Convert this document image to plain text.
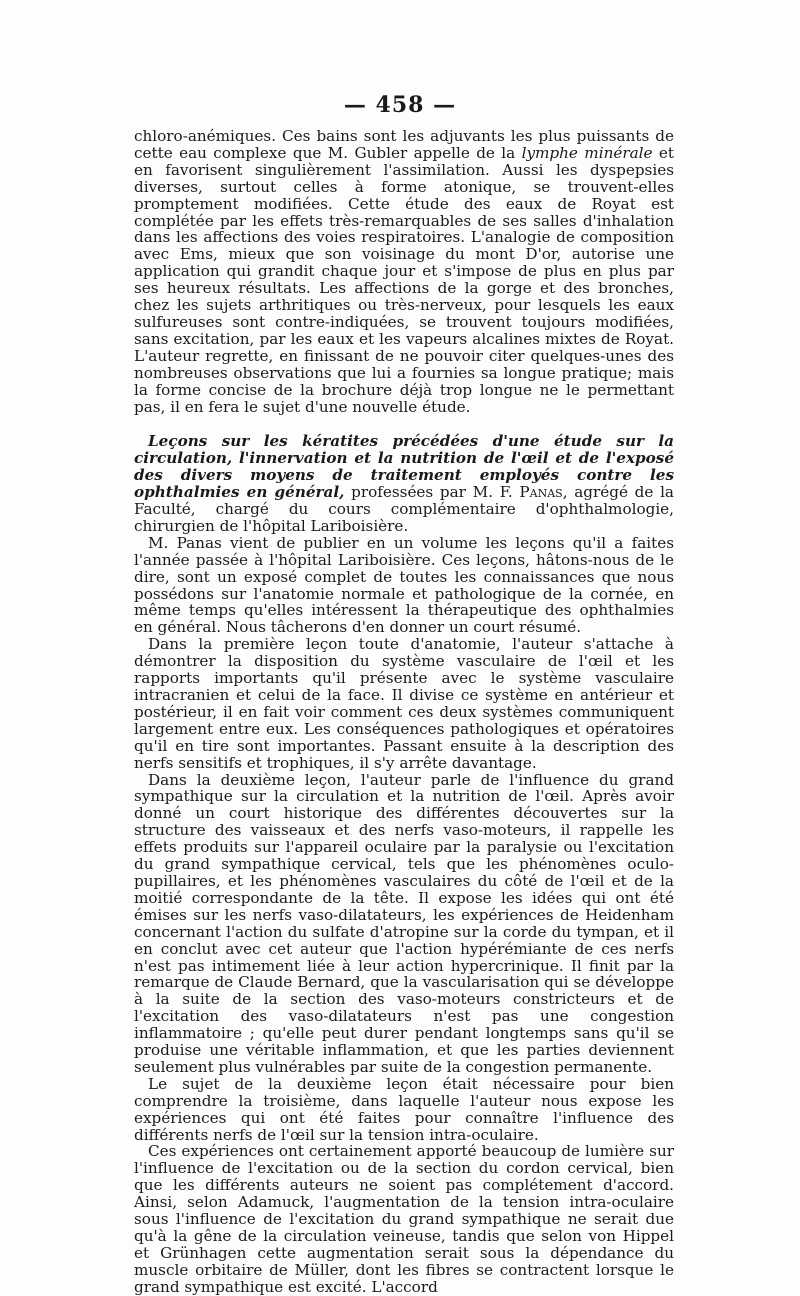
— 458 —

chloro-anémiques. Ces bains sont les adjuvants les plus puissants de cette eau complexe que M. Gubler appelle de la lymphe minérale et en favorisent singulièrement l'assimilation. Aussi les dyspepsies diverses, surtout celles à forme atonique, se trouvent-elles promptement modifiées. Cette étude des eaux de Royat est complétée par les effets très-remarquables de ses salles d'inhalation dans les affections des voies respiratoires. L'analogie de composition avec Ems, mieux que son voisinage du mont D'or, autorise une application qui grandit chaque jour et s'impose de plus en plus par ses heureux résultats. Les affections de la gorge et des bronches, chez les sujets arthritiques ou très-nerveux, pour lesquels les eaux sulfureuses sont contre-indiquées, se trouvent toujours modifiées, sans excitation, par les eaux et les vapeurs alcalines mixtes de Royat. L'auteur regrette, en finissant de ne pouvoir citer quelques-unes des nombreuses observations que lui a fournies sa longue pratique; mais la forme concise de la brochure déjà trop longue ne le permettant pas, il en fera le sujet d'une nouvelle étude.

Leçons sur les kératites précédées d'une étude sur la circulation, l'innervation et la nutrition de l'œil et de l'exposé des divers moyens de traitement employés contre les ophthalmies en général, professées par M. F. Panas, agrégé de la Faculté, chargé du cours complémentaire d'ophthalmologie, chirurgien de l'hôpital Lariboisière.

M. Panas vient de publier en un volume les leçons qu'il a faites l'année passée à l'hôpital Lariboisière. Ces leçons, hâtons-nous de le dire, sont un exposé complet de toutes les connaissances que nous possédons sur l'anatomie normale et pathologique de la cornée, en même temps qu'elles intéressent la thérapeutique des ophthalmies en général. Nous tâcherons d'en donner un court résumé.

Dans la première leçon toute d'anatomie, l'auteur s'attache à démontrer la disposition du système vasculaire de l'œil et les rapports importants qu'il présente avec le système vasculaire intracranien et celui de la face. Il divise ce système en antérieur et postérieur, il en fait voir comment ces deux systèmes communiquent largement entre eux. Les conséquences pathologiques et opératoires qu'il en tire sont importantes. Passant ensuite à la description des nerfs sensitifs et trophiques, il s'y arrête davantage.

Dans la deuxième leçon, l'auteur parle de l'influence du grand sympathique sur la circulation et la nutrition de l'œil. Après avoir donné un court historique des différentes découvertes sur la structure des vaisseaux et des nerfs vaso-moteurs, il rappelle les effets produits sur l'appareil oculaire par la paralysie ou l'excitation du grand sympathique cervical, tels que les phénomènes oculo-pupillaires, et les phénomènes vasculaires du côté de l'œil et de la moitié correspondante de la tête. Il expose les idées qui ont été émises sur les nerfs vaso-dilatateurs, les expériences de Heidenham concernant l'action du sulfate d'atropine sur la corde du tympan, et il en conclut avec cet auteur que l'action hypérémiante de ces nerfs n'est pas intimement liée à leur action hypercrinique. Il finit par la remarque de Claude Bernard, que la vascularisation qui se développe à la suite de la section des vaso-moteurs constricteurs et de l'excitation des vaso-dilatateurs n'est pas une congestion inflammatoire ; qu'elle peut durer pendant longtemps sans qu'il se produise une véritable inflammation, et que les parties deviennent seulement plus vulnérables par suite de la congestion permanente.

Le sujet de la deuxième leçon était nécessaire pour bien comprendre la troisième, dans laquelle l'auteur nous expose les expériences qui ont été faites pour connaître l'influence des différents nerfs de l'œil sur la tension intra-oculaire.

Ces expériences ont certainement apporté beaucoup de lumière sur l'influence de l'excitation ou de la section du cordon cervical, bien que les différents auteurs ne soient pas complétement d'accord. Ainsi, selon Adamuck, l'augmentation de la tension intra-oculaire sous l'influence de l'excitation du grand sympathique ne serait due qu'à la gêne de la circulation veineuse, tandis que selon von Hippel et Grünhagen cette augmentation serait sous la dépendance du muscle orbitaire de Müller, dont les fibres se contractent lorsque le grand sympathique est excité. L'accord
